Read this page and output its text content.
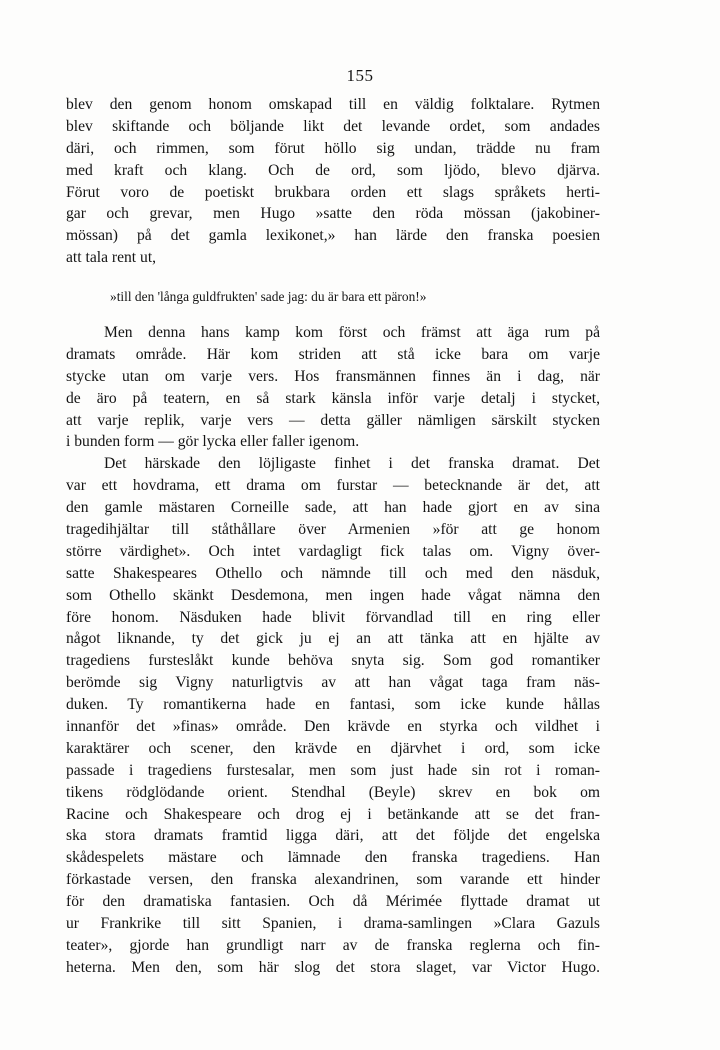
155
blev den genom honom omskapad till en väldig folktalare. Rytmen
blev skiftande och böljande likt det levande ordet, som andades
däri, och rimmen, som förut höllo sig undan, trädde nu fram
med kraft och klang. Och de ord, som ljödo, blevo djärva.
Förut voro de poetiskt brukbara orden ett slags språkets herti-
gar och grevar, men Hugo »satte den röda mössan (jakobiner-
mössan) på det gamla lexikonet,» han lärde den franska poesien
att tala rent ut,
»till den 'långa guldfrukten' sade jag: du är bara ett päron!»
Men denna hans kamp kom först och främst att äga rum på
dramats område. Här kom striden att stå icke bara om varje
stycke utan om varje vers. Hos fransmännen finnes än i dag, när
de äro på teatern, en så stark känsla inför varje detalj i stycket,
att varje replik, varje vers — detta gäller nämligen särskilt stycken
i bunden form — gör lycka eller faller igenom.
Det härskade den löjligaste finhet i det franska dramat. Det
var ett hovdrama, ett drama om furstar — betecknande är det, att
den gamle mästaren Corneille sade, att han hade gjort en av sina
tragedihjältar till ståthållare över Armenien »för att ge honom
större värdighet». Och intet vardagligt fick talas om. Vigny över-
satte Shakespeares Othello och nämnde till och med den näsduk,
som Othello skänkt Desdemona, men ingen hade vågat nämna den
före honom. Näsduken hade blivit förvandlad till en ring eller
något liknande, ty det gick ju ej an att tänka att en hjälte av
tragediens fursteslåkt kunde behöva snyta sig. Som god romantiker
berömde sig Vigny naturligtvis av att han vågat taga fram näs-
duken. Ty romantikerna hade en fantasi, som icke kunde hållas
innanför det »finas» område. Den krävde en styrka och vildhet i
karaktärer och scener, den krävde en djärvhet i ord, som icke
passade i tragediens furstesalar, men som just hade sin rot i roman-
tikens rödglödande orient. Stendhal (Beyle) skrev en bok om
Racine och Shakespeare och drog ej i betänkande att se det fran-
ska stora dramats framtid ligga däri, att det följde det engelska
skådespelets mästare och lämnade den franska tragediens. Han
förkastade versen, den franska alexandrinen, som varande ett hinder
för den dramatiska fantasien. Och då Mérimée flyttade dramat ut
ur Frankrike till sitt Spanien, i drama-samlingen »Clara Gazuls
teater», gjorde han grundligt narr av de franska reglerna och fin-
heterna. Men den, som här slog det stora slaget, var Victor Hugo.
